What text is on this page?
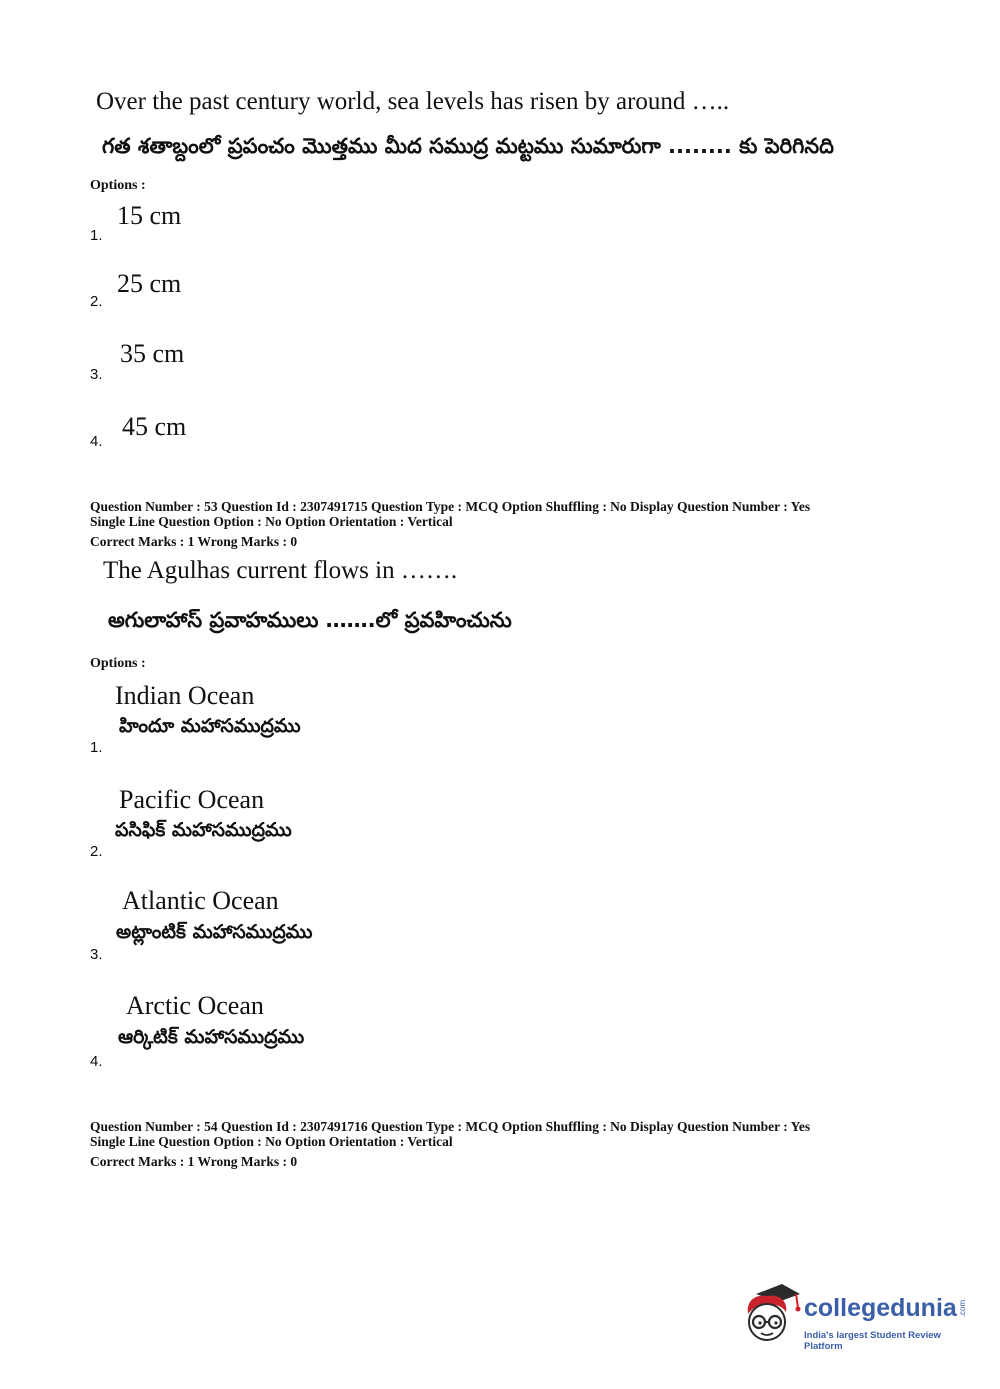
Over the past century world, sea levels has risen by around …..
గత శతాబ్దంలో ప్రపంచం మొత్తము మీద సముద్ర మట్టము సుమారుగా ........ కు పెరిగినది
Options :
15 cm
1.
25 cm
2.
35 cm
3.
45 cm
4.
Question Number : 53 Question Id : 2307491715 Question Type : MCQ Option Shuffling : No Display Question Number : Yes
Single Line Question Option : No Option Orientation : Vertical
Correct Marks : 1 Wrong Marks : 0
The Agulhas current flows in …….
అగులాహాస్ ప్రవాహములు …….లో ప్రవహించును
Options :
Indian Ocean
హిందూ మహాసముద్రము
1.
Pacific Ocean
పసిఫిక్ మహాసముద్రము
2.
Atlantic Ocean
అట్లాంటిక్ మహాసముద్రము
3.
Arctic Ocean
ఆర్కిటిక్ మహాసముద్రము
4.
Question Number : 54 Question Id : 2307491716 Question Type : MCQ Option Shuffling : No Display Question Number : Yes
Single Line Question Option : No Option Orientation : Vertical
Correct Marks : 1 Wrong Marks : 0
collegedunia .com
India's largest Student Review Platform
